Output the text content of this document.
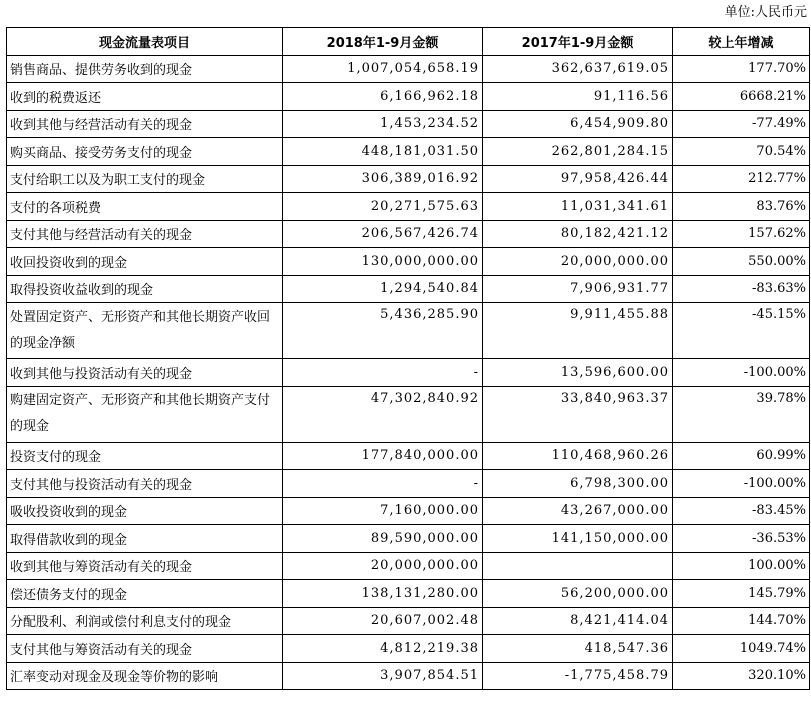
单位:人民币元
现金流量表项目	2018年1-9月金额	2017年1-9月金额	较上年增减
销售商品、提供劳务收到的现金	1,007,054,658.19	362,637,619.05	177.70%
收到的税费返还	6,166,962.18	91,116.56	6668.21%
收到其他与经营活动有关的现金	1,453,234.52	6,454,909.80	-77.49%
购买商品、接受劳务支付的现金	448,181,031.50	262,801,284.15	70.54%
支付给职工以及为职工支付的现金	306,389,016.92	97,958,426.44	212.77%
支付的各项税费	20,271,575.63	11,031,341.61	83.76%
支付其他与经营活动有关的现金	206,567,426.74	80,182,421.12	157.62%
收回投资收到的现金	130,000,000.00	20,000,000.00	550.00%
取得投资收益收到的现金	1,294,540.84	7,906,931.77	-83.63%
处置固定资产、无形资产和其他长期资产收回的现金净额	5,436,285.90	9,911,455.88	-45.15%
收到其他与投资活动有关的现金	-	13,596,600.00	-100.00%
购建固定资产、无形资产和其他长期资产支付的现金	47,302,840.92	33,840,963.37	39.78%
投资支付的现金	177,840,000.00	110,468,960.26	60.99%
支付其他与投资活动有关的现金	-	6,798,300.00	-100.00%
吸收投资收到的现金	7,160,000.00	43,267,000.00	-83.45%
取得借款收到的现金	89,590,000.00	141,150,000.00	-36.53%
收到其他与筹资活动有关的现金	20,000,000.00		100.00%
偿还债务支付的现金	138,131,280.00	56,200,000.00	145.79%
分配股利、利润或偿付利息支付的现金	20,607,002.48	8,421,414.04	144.70%
支付其他与筹资活动有关的现金	4,812,219.38	418,547.36	1049.74%
汇率变动对现金及现金等价物的影响	3,907,854.51	-1,775,458.79	320.10%
